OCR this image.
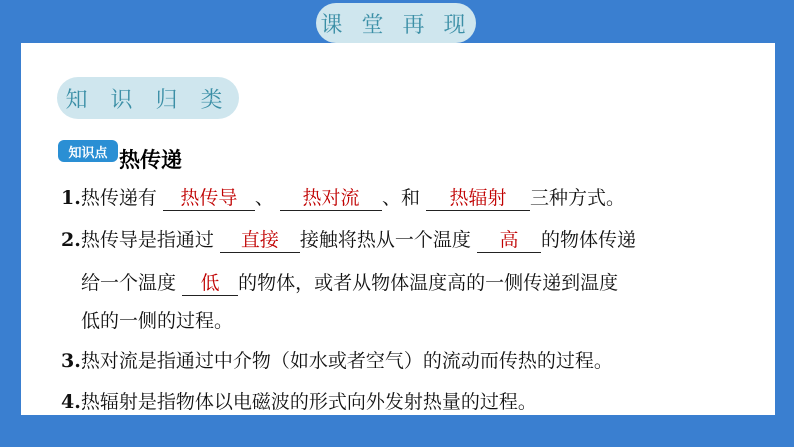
课 堂 再 现
知 识 归 类
知识点 热传递
1.热传递有 热传导 、 热对流 、和 热辐射 三种方式。
2.热传导是指通过 直接 接触将热从一个温度 高 的物体传递
给一个温度 低 的物体，或者从物体温度高的一侧传递到温度
低的一侧的过程。
3.热对流是指通过中介物（如水或者空气）的流动而传热的过程。
4.热辐射是指物体以电磁波的形式向外发射热量的过程。
